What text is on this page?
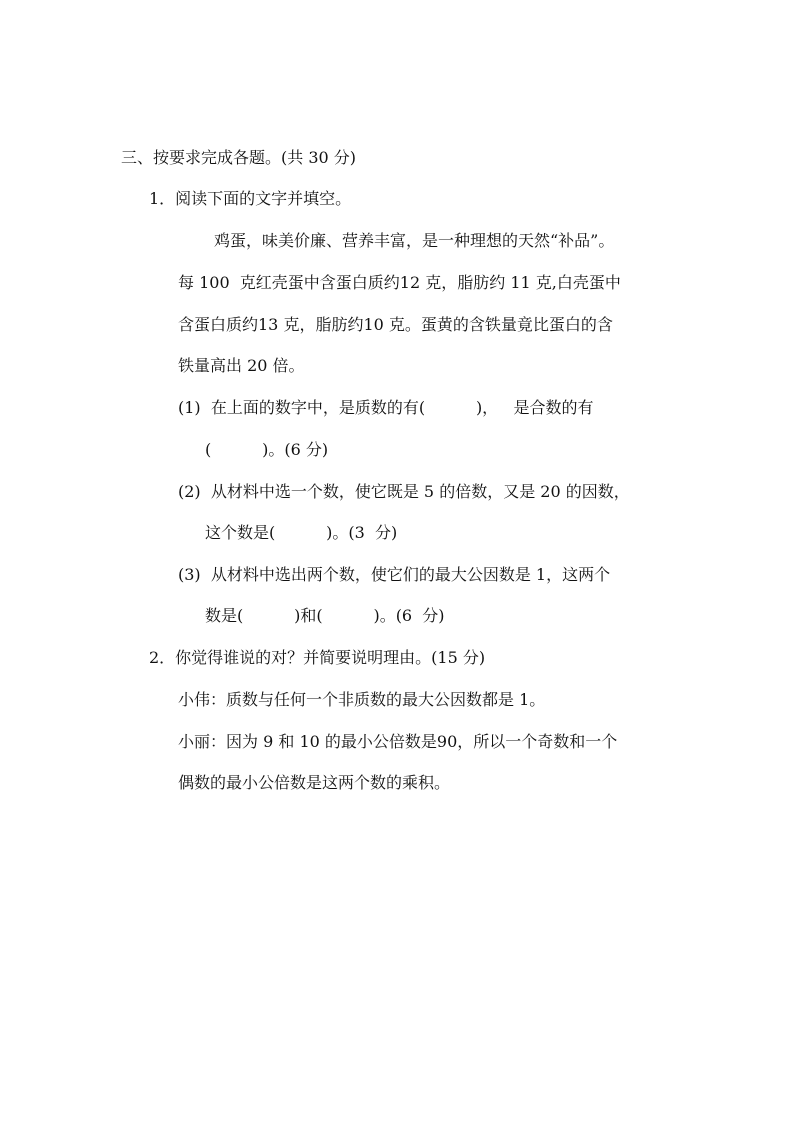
三、按要求完成各题。(共 30 分)
1．阅读下面的文字并填空。
鸡蛋，味美价廉、营养丰富，是一种理想的天然“补品”。
每 100  克红壳蛋中含蛋白质约12 克，脂肪约 11 克,白壳蛋中
含蛋白质约13 克，脂肪约10 克。蛋黄的含铁量竟比蛋白的含
铁量高出 20 倍。
(1)  在上面的数字中，是质数的有(          )，   是合数的有
(          )。(6 分)
(2)  从材料中选一个数，使它既是 5 的倍数，又是 20 的因数，
这个数是(          )。(3  分)
(3)  从材料中选出两个数，使它们的最大公因数是 1，这两个
数是(          )和(          )。(6  分)
2．你觉得谁说的对？并简要说明理由。(15 分)
小伟：质数与任何一个非质数的最大公因数都是 1。
小丽：因为 9 和 10 的最小公倍数是90，所以一个奇数和一个
偶数的最小公倍数是这两个数的乘积。
